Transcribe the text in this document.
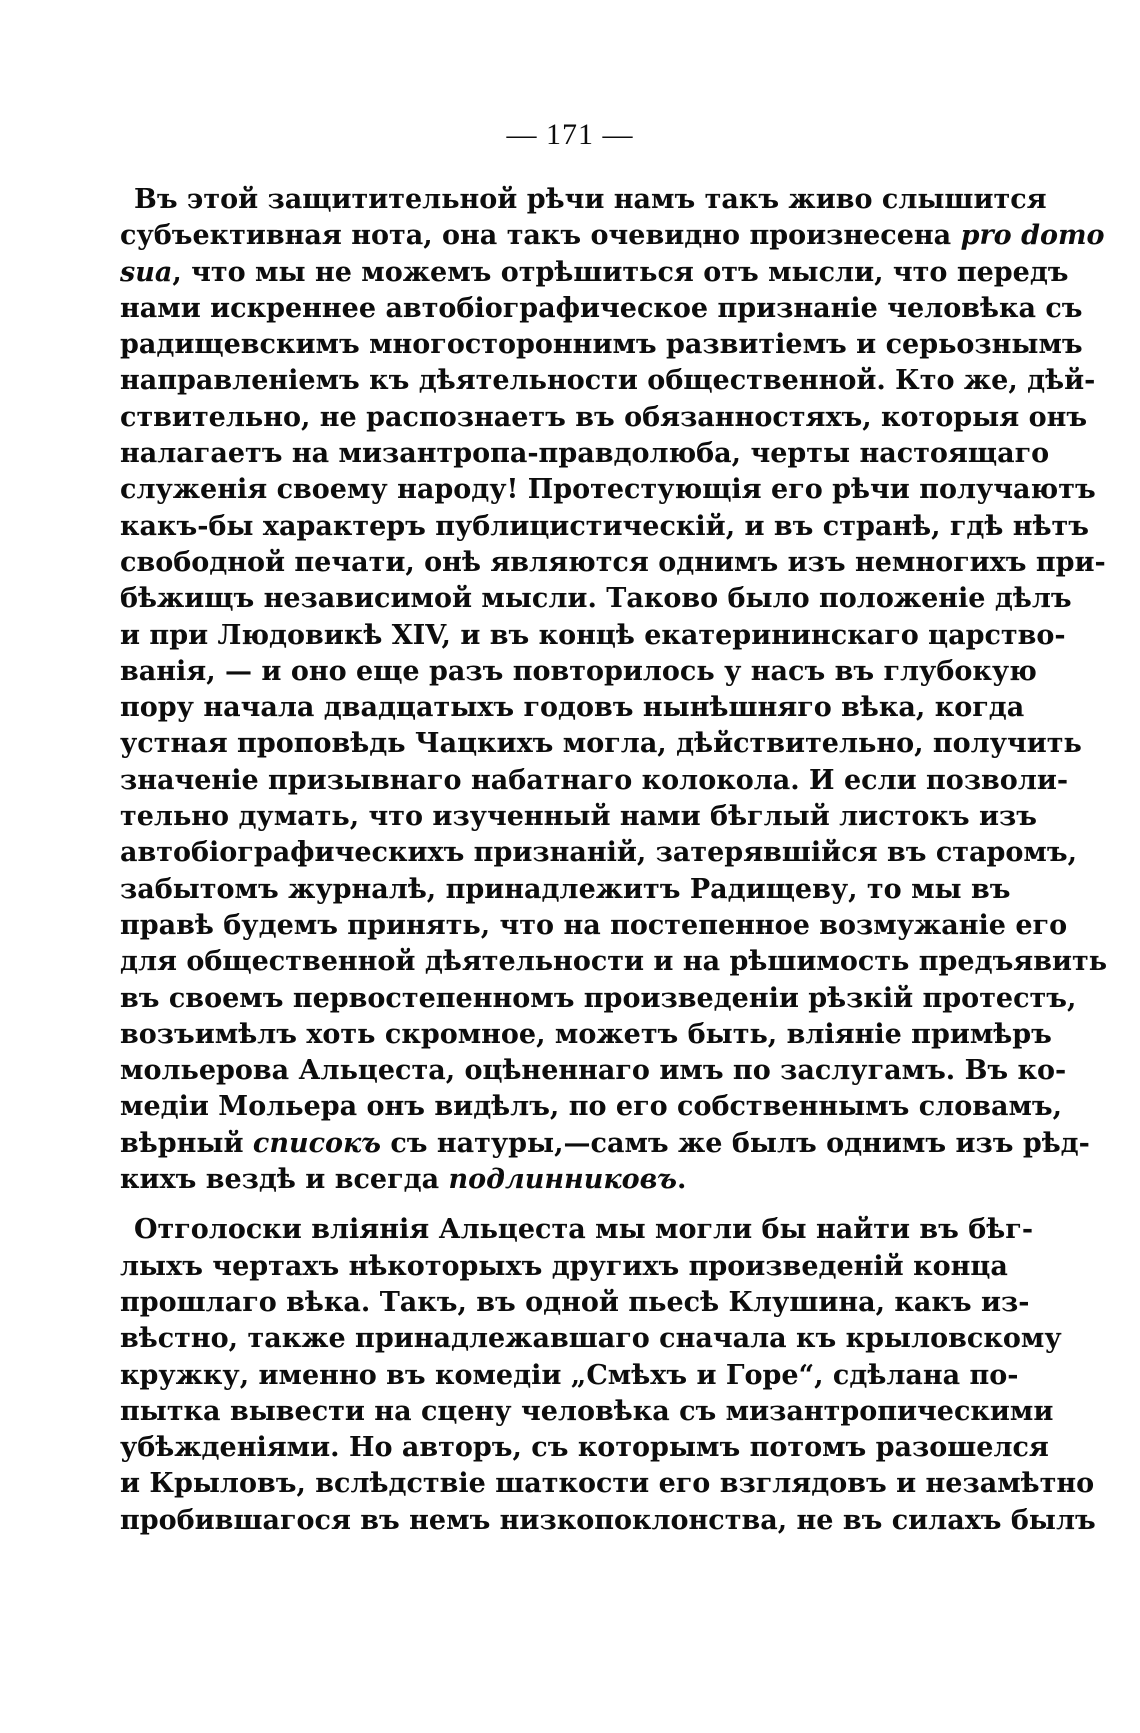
— 171 —
Въ этой защитительной рѣчи намъ такъ живо слышится
субъективная нота, она такъ очевидно произнесена pro domo
sua, что мы не можемъ отрѣшиться отъ мысли, что передъ
нами искреннее автобіографическое признаніе человѣка съ
радищевскимъ многостороннимъ развитіемъ и серьознымъ
направленіемъ къ дѣятельности общественной. Кто же, дѣй-
ствительно, не распознаетъ въ обязанностяхъ, которыя онъ
налагаетъ на мизантропа-правдолюба, черты настоящаго
служенія своему народу! Протестующія его рѣчи получаютъ
какъ-бы характеръ публицистическій, и въ странѣ, гдѣ нѣтъ
свободной печати, онѣ являются однимъ изъ немногихъ при-
бѣжищъ независимой мысли. Таково было положеніе дѣлъ
и при Людовикѣ XIV, и въ концѣ екатерининскаго царство-
ванія, — и оно еще разъ повторилось у насъ въ глубокую
пору начала двадцатыхъ годовъ нынѣшняго вѣка, когда
устная проповѣдь Чацкихъ могла, дѣйствительно, получить
значеніе призывнаго набатнаго колокола. И если позволи-
тельно думать, что изученный нами бѣглый листокъ изъ
автобіографическихъ признаній, затерявшійся въ старомъ,
забытомъ журналѣ, принадлежитъ Радищеву, то мы въ
правѣ будемъ принять, что на постепенное возмужаніе его
для общественной дѣятельности и на рѣшимость предъявить
въ своемъ первостепенномъ произведеніи рѣзкій протестъ,
возъимѣлъ хоть скромное, можетъ быть, вліяніе примѣръ
мольерова Альцеста, оцѣненнаго имъ по заслугамъ. Въ ко-
медіи Мольера онъ видѣлъ, по его собственнымъ словамъ,
вѣрный списокъ съ натуры,—самъ же былъ однимъ изъ рѣд-
кихъ вездѣ и всегда подлинниковъ.
Отголоски вліянія Альцеста мы могли бы найти въ бѣг-
лыхъ чертахъ нѣкоторыхъ другихъ произведеній конца
прошлаго вѣка. Такъ, въ одной пьесѣ Клушина, какъ из-
вѣстно, также принадлежавшаго сначала къ крыловскому
кружку, именно въ комедіи „Смѣхъ и Горе“, сдѣлана по-
пытка вывести на сцену человѣка съ мизантропическими
убѣжденіями. Но авторъ, съ которымъ потомъ разошелся
и Крыловъ, вслѣдствіе шаткости его взглядовъ и незамѣтно
пробившагося въ немъ низкопоклонства, не въ силахъ былъ
